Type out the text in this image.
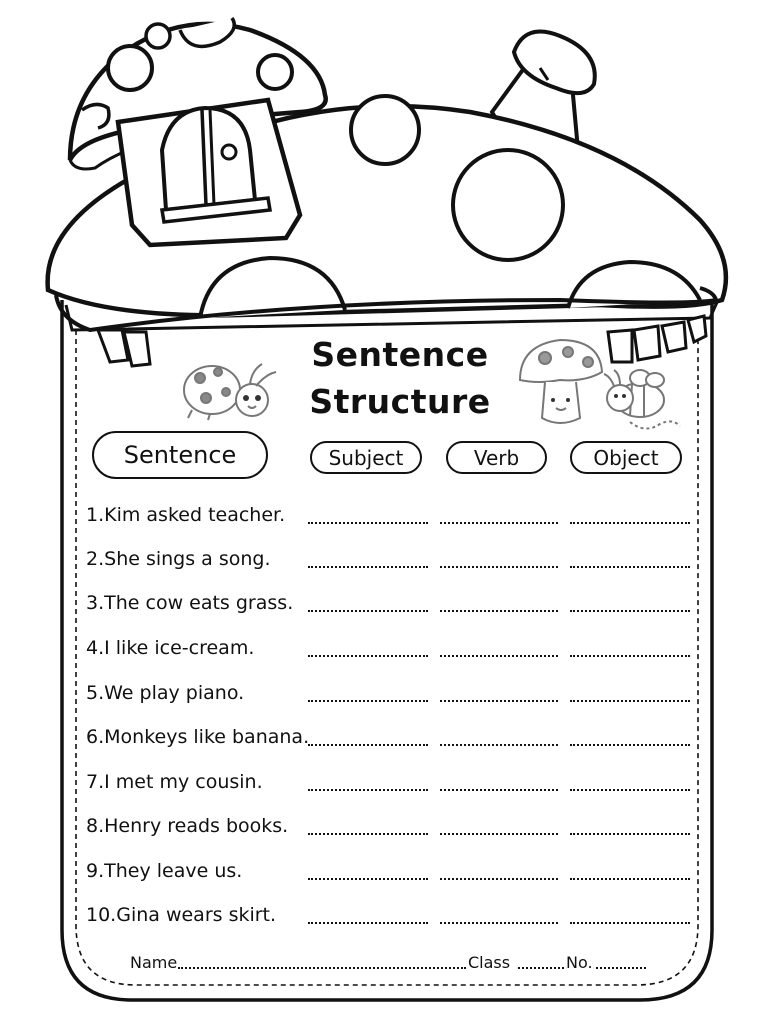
Sentence
Structure
Sentence	Subject	Verb	Object
1.Kim asked teacher.
2.She sings a song.
3.The cow eats grass.
4.I like ice-cream.
5.We play piano.
6.Monkeys like banana.
7.I met my cousin.
8.Henry reads books.
9.They leave us.
10.Gina wears skirt.
Name	Class	No.
